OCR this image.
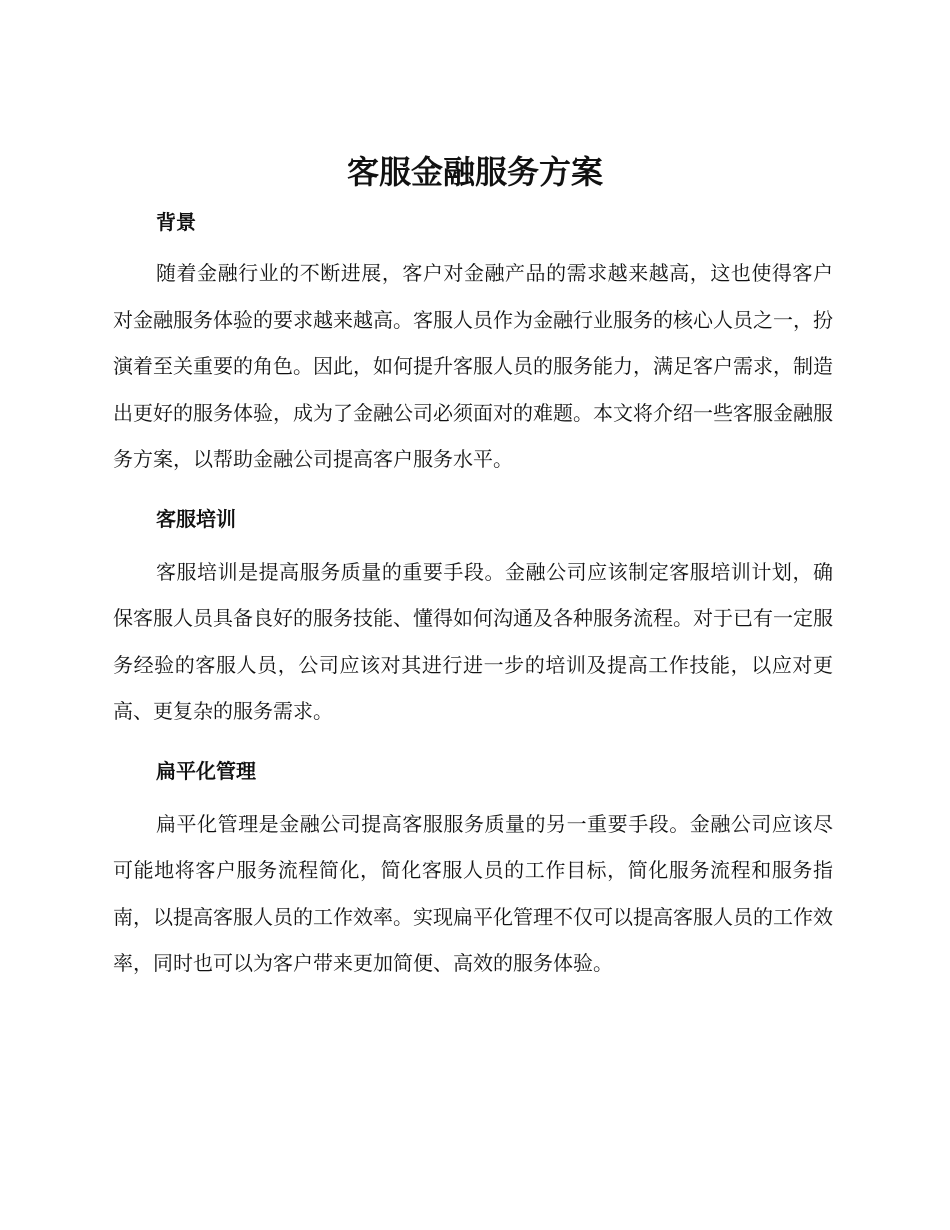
客服金融服务方案
背景

随着金融行业的不断进展，客户对金融产品的需求越来越高，这也使得客户对金融服务体验的要求越来越高。客服人员作为金融行业服务的核心人员之一，扮演着至关重要的角色。因此，如何提升客服人员的服务能力，满足客户需求，制造出更好的服务体验，成为了金融公司必须面对的难题。本文将介绍一些客服金融服务方案，以帮助金融公司提高客户服务水平。

客服培训

客服培训是提高服务质量的重要手段。金融公司应该制定客服培训计划，确保客服人员具备良好的服务技能、懂得如何沟通及各种服务流程。对于已有一定服务经验的客服人员，公司应该对其进行进一步的培训及提高工作技能，以应对更高、更复杂的服务需求。

扁平化管理

扁平化管理是金融公司提高客服服务质量的另一重要手段。金融公司应该尽可能地将客户服务流程简化，简化客服人员的工作目标，简化服务流程和服务指南，以提高客服人员的工作效率。实现扁平化管理不仅可以提高客服人员的工作效率，同时也可以为客户带来更加简便、高效的服务体验。
